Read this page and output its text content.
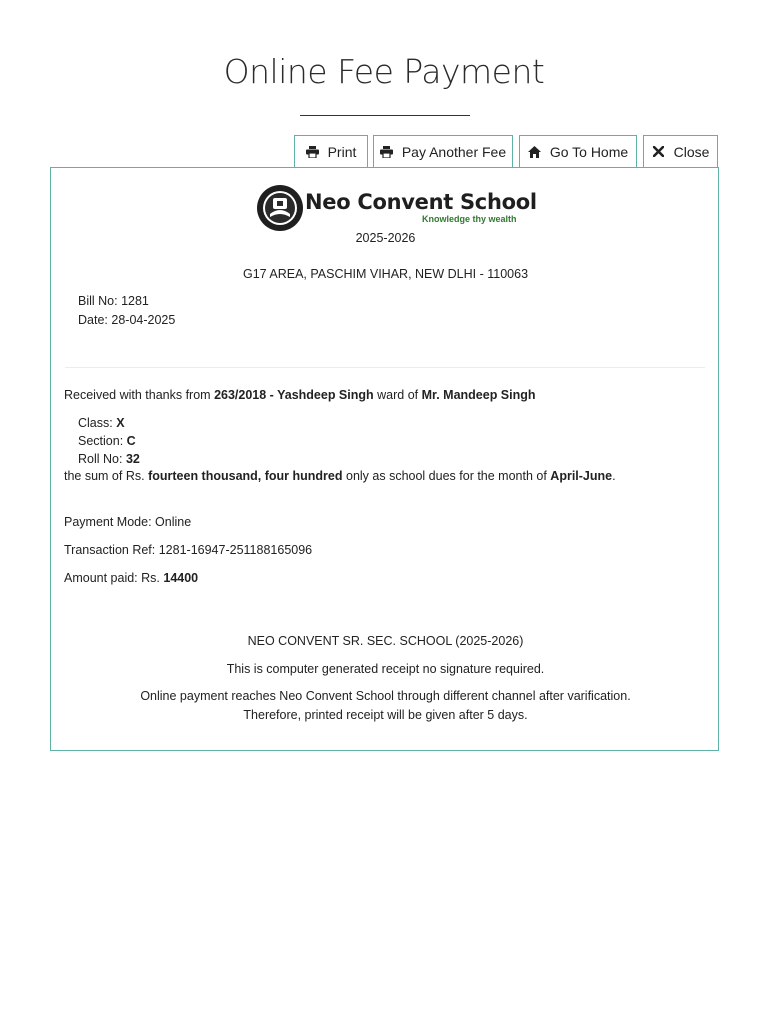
Online Fee Payment
Print	Pay Another Fee	Go To Home	Close
Neo Convent School
Knowledge thy wealth
2025-2026
G17 AREA, PASCHIM VIHAR, NEW DLHI - 110063
Bill No: 1281
Date: 28-04-2025
Received with thanks from 263/2018 - Yashdeep Singh ward of Mr. Mandeep Singh
Class: X
Section: C
Roll No: 32
the sum of Rs. fourteen thousand, four hundred only as school dues for the month of April-June.
Payment Mode: Online
Transaction Ref: 1281-16947-251188165096
Amount paid: Rs. 14400
NEO CONVENT SR. SEC. SCHOOL (2025-2026)
This is computer generated receipt no signature required.
Online payment reaches Neo Convent School through different channel after varification.
Therefore, printed receipt will be given after 5 days.
